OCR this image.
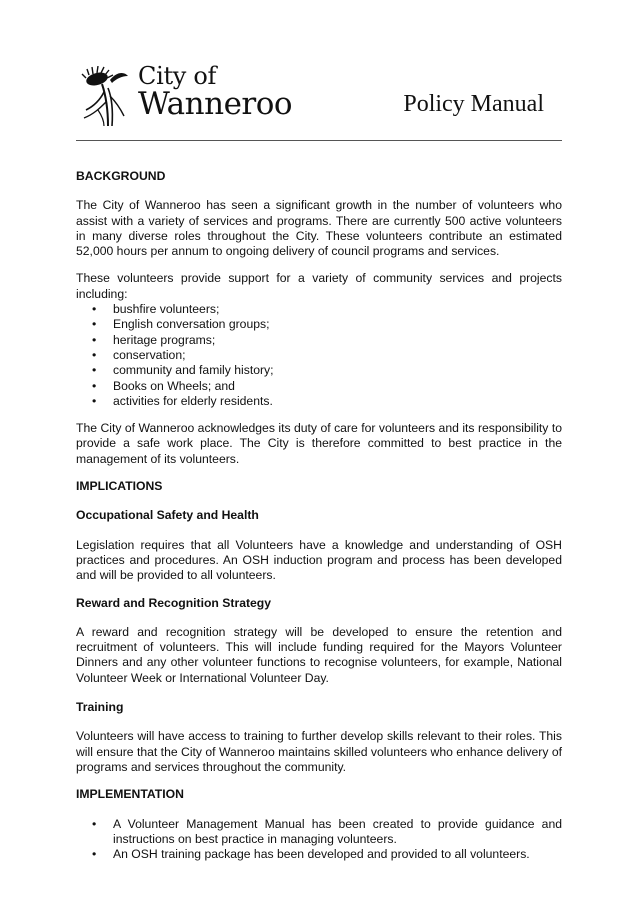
City of
Wanneroo	Policy Manual
BACKGROUND

The City of Wanneroo has seen a significant growth in the number of volunteers who assist with a variety of services and programs. There are currently 500 active volunteers in many diverse roles throughout the City. These volunteers contribute an estimated 52,000 hours per annum to ongoing delivery of council programs and services.

These volunteers provide support for a variety of community services and projects including:

• bushfire volunteers;
• English conversation groups;
• heritage programs;
• conservation;
• community and family history;
• Books on Wheels; and
• activities for elderly residents.

The City of Wanneroo acknowledges its duty of care for volunteers and its responsibility to provide a safe work place. The City is therefore committed to best practice in the management of its volunteers.

IMPLICATIONS
Occupational Safety and Health

Legislation requires that all Volunteers have a knowledge and understanding of OSH practices and procedures. An OSH induction program and process has been developed and will be provided to all volunteers.

Reward and Recognition Strategy

A reward and recognition strategy will be developed to ensure the retention and recruitment of volunteers. This will include funding required for the Mayors Volunteer Dinners and any other volunteer functions to recognise volunteers, for example, National Volunteer Week or International Volunteer Day.

Training

Volunteers will have access to training to further develop skills relevant to their roles. This will ensure that the City of Wanneroo maintains skilled volunteers who enhance delivery of programs and services throughout the community.

IMPLEMENTATION
• A Volunteer Management Manual has been created to provide guidance and instructions on best practice in managing volunteers.
• An OSH training package has been developed and provided to all volunteers.
